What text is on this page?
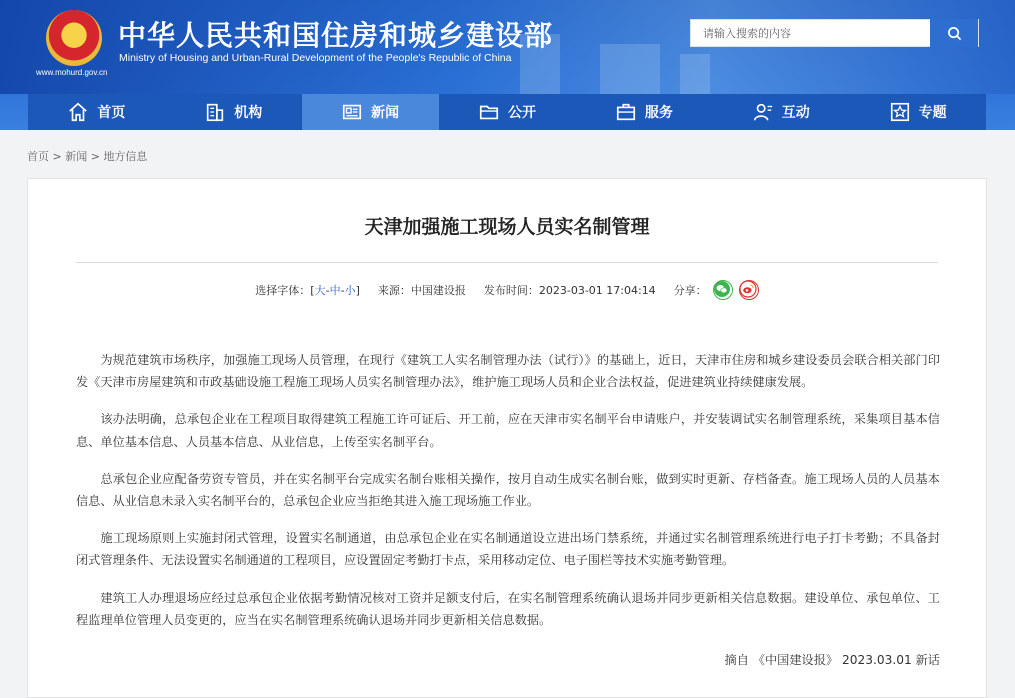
★
www.mohurd.gov.cn
中华人民共和国住房和城乡建设部
Ministry of Housing and Urban-Rural Development of the People's Republic of China
请输入搜索的内容
首页	机构	新闻	公开	服务	互动	专题
首页 > 新闻 > 地方信息
天津加强施工现场人员实名制管理
选择字体：[ 大 - 中 - 小 ] 来源：中国建设报 发布时间：2023-03-01 17:04:14 分享：

为规范建筑市场秩序，加强施工现场人员管理，在现行《建筑工人实名制管理办法（试行）》的基础上，近日，天津市住房和城乡建设委员会联合相关部门印发《天津市房屋建筑和市政基础设施工程施工现场人员实名制管理办法》，维护施工现场人员和企业合法权益，促进建筑业持续健康发展。

该办法明确，总承包企业在工程项目取得建筑工程施工许可证后、开工前，应在天津市实名制平台申请账户，并安装调试实名制管理系统，采集项目基本信息、单位基本信息、人员基本信息、从业信息，上传至实名制平台。

总承包企业应配备劳资专管员，并在实名制平台完成实名制台账相关操作，按月自动生成实名制台账，做到实时更新、存档备查。施工现场人员的人员基本信息、从业信息未录入实名制平台的，总承包企业应当拒绝其进入施工现场施工作业。

施工现场原则上实施封闭式管理，设置实名制通道，由总承包企业在实名制通道设立进出场门禁系统，并通过实名制管理系统进行电子打卡考勤；不具备封闭式管理条件、无法设置实名制通道的工程项目，应设置固定考勤打卡点，采用移动定位、电子围栏等技术实施考勤管理。

建筑工人办理退场应经过总承包企业依据考勤情况核对工资并足额支付后，在实名制管理系统确认退场并同步更新相关信息数据。建设单位、承包单位、工程监理单位管理人员变更的，应当在实名制管理系统确认退场并同步更新相关信息数据。

摘自 《中国建设报》 2023.03.01 新话
